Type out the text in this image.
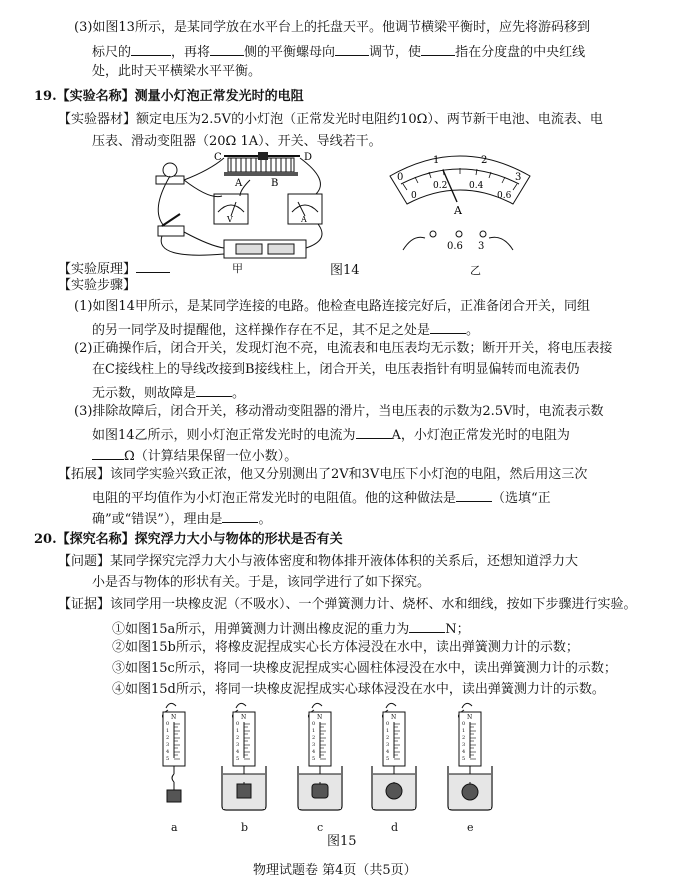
(3)如图13所示，是某同学放在水平台上的托盘天平。他调节横梁平衡时，应先将游码移到
标尺的	，再将	侧的平衡螺母向	调节，使	指在分度盘的中央红线
处，此时天平横梁水平平衡。
19.【实验名称】测量小灯泡正常发光时的电阻
【实验器材】额定电压为2.5V的小灯泡（正常发光时电阻约10Ω）、两节新干电池、电流表、电
压表、滑动变阻器（20Ω 1A）、开关、导线若干。
C	D
A	B
V	A
0
1	2
3
0
0.2 0.4
0.6
A
0.6 3
【实验原理】	甲	图14	乙
【实验步骤】
(1)如图14甲所示，是某同学连接的电路。他检查电路连接完好后，正准备闭合开关，同组
的另一同学及时提醒他，这样操作存在不足，其不足之处是	。
(2)正确操作后，闭合开关，发现灯泡不亮，电流表和电压表均无示数；断开开关，将电压表接
在C接线柱上的导线改接到B接线柱上，闭合开关，电压表指针有明显偏转而电流表仍
无示数，则故障是	。
(3)排除故障后，闭合开关，移动滑动变阻器的滑片，当电压表的示数为2.5V时，电流表示数
如图14乙所示，则小灯泡正常发光时的电流为	A，小灯泡正常发光时的电阻为
Ω（计算结果保留一位小数）。
【拓展】该同学实验兴致正浓，他又分别测出了2V和3V电压下小灯泡的电阻，然后用这三次
电阻的平均值作为小灯泡正常发光时的电阻值。他的这种做法是	（选填“正
确”或“错误”），理由是	。
20.【探究名称】探究浮力大小与物体的形状是否有关
【问题】某同学探究完浮力大小与液体密度和物体排开液体体积的关系后，还想知道浮力大
小是否与物体的形状有关。于是，该同学进行了如下探究。
【证据】该同学用一块橡皮泥（不吸水）、一个弹簧测力计、烧杯、水和细线，按如下步骤进行实验。
①如图15a所示，用弹簧测力计测出橡皮泥的重力为	N；
②如图15b所示，将橡皮泥捏成实心长方体浸没在水中，读出弹簧测力计的示数；
③如图15c所示，将同一块橡皮泥捏成实心圆柱体浸没在水中，读出弹簧测力计的示数；
④如图15d所示，将同一块橡皮泥捏成实心球体浸没在水中，读出弹簧测力计的示数。
N
0
1
2
3
4
5
a	b	c	d	e
图15
物理试题卷 第4页（共5页）
